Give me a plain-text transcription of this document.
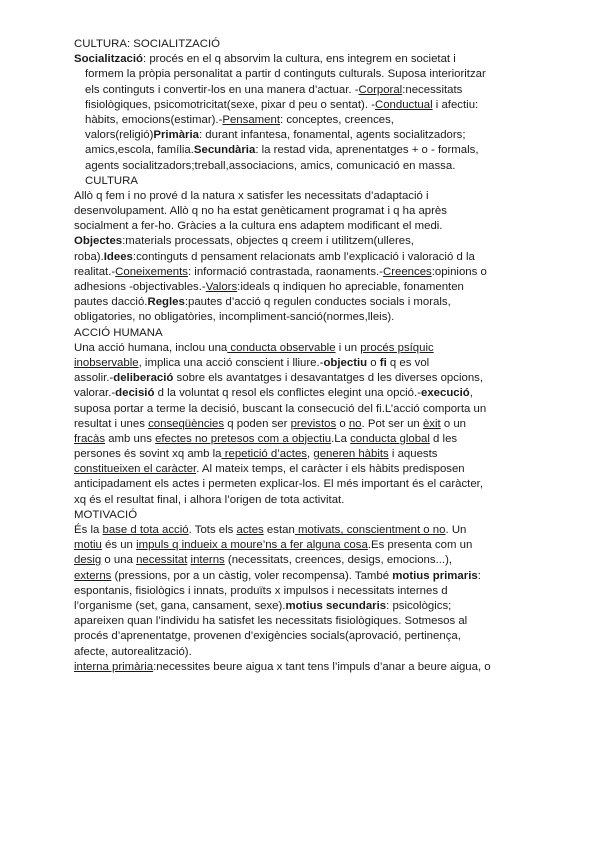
CULTURA: SOCIALITZACIÓ
Socialització: procés en el q absorvim la cultura, ens integrem en societat i
formem la pròpia personalitat a partir d continguts culturals. Suposa interioritzar
els continguts i convertir-los en una manera d’actuar. -Corporal:necessitats
fisiològiques, psicomotricitat(sexe, pixar d peu o sentat). -Conductual i afectiu:
hàbits, emocions(estimar).-Pensament: conceptes, creences,
valors(religió)Primària: durant infantesa, fonamental, agents socialitzadors;
amics,escola, família.Secundària: la restad vida, aprenentatges + o - formals,
agents socialitzadors;treball,associacions, amics, comunicació en massa.
CULTURA
Allò q fem i no prové d la natura x satisfer les necessitats d’adaptació i
desenvolupament. Allò q no ha estat genèticament programat i q ha après
socialment a fer-ho. Gràcies a la cultura ens adaptem modificant el medi.
Objectes:materials processats, objectes q creem i utilitzem(ulleres,
roba).Idees:continguts d pensament relacionats amb l’explicació i valoració d la
realitat.-Coneixements: informació contrastada, raonaments.-Creences:opinions o
adhesions -objectivables.-Valors:ideals q indiquen ho apreciable, fonamenten
pautes dacció.Regles:pautes d’acció q regulen conductes socials i morals,
obligatories, no obligatòries, incompliment-sanció(normes,lleis).
ACCIÓ HUMANA
Una acció humana, inclou una conducta observable i un procés psíquic
inobservable, implica una acció conscient i lliure.-objectiu o fi q es vol
assolir.-deliberació sobre els avantatges i desavantatges d les diverses opcions,
valorar.-decisió d la voluntat q resol els conflictes elegint una opció.-execució,
suposa portar a terme la decisió, buscant la consecució del fi.L’acció comporta un
resultat i unes conseqüències q poden ser previstos o no. Pot ser un èxit o un
fracàs amb uns efectes no pretesos com a objectiu.La conducta global d les
persones és sovint xq amb la repetició d’actes, generen hàbits i aquests
constitueixen el caràcter. Al mateix temps, el caràcter i els hàbits predisposen
anticipadament els actes i permeten explicar-los. El més important és el caràcter,
xq és el resultat final, i alhora l’origen de tota activitat.
MOTIVACIÓ
És la base d tota acció. Tots els actes estan motivats, conscientment o no. Un
motiu és un impuls q indueix a moure’ns a fer alguna cosa.Es presenta com un
desig o una necessitat interns (necessitats, creences, desigs, emocions...),
externs (pressions, por a un càstig, voler recompensa). També motius primaris:
espontanis, fisiològics i innats, produïts x impulsos i necessitats internes d
l’organisme (set, gana, cansament, sexe).motius secundaris: psicològics;
apareixen quan l’individu ha satisfet les necessitats fisiològiques. Sotmesos al
procés d’aprenentatge, provenen d’exigències socials(aprovació, pertinença,
afecte, autorealització).
interna primària:necessites beure aigua x tant tens l’impuls d’anar a beure aigua, o
